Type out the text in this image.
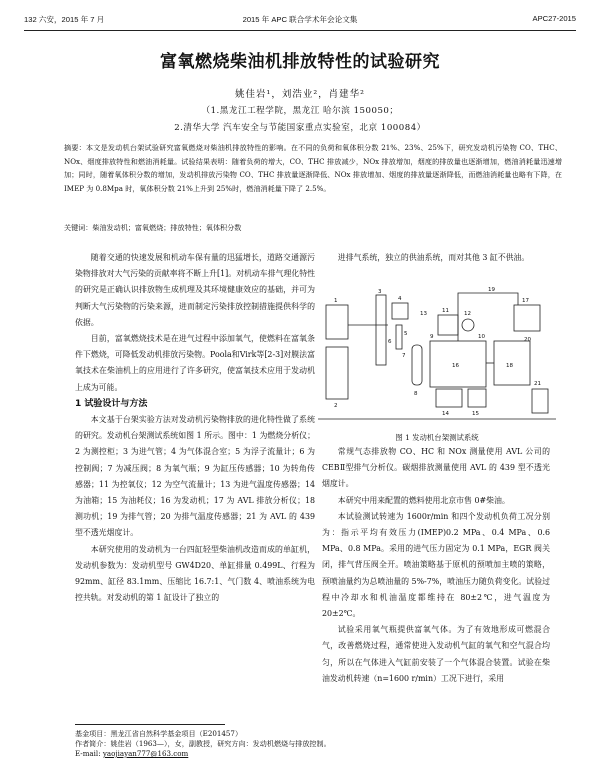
132 六安，2015 年 7 月	2015 年 APC 联合学术年会论文集	APC27-2015
富氧燃烧柴油机排放特性的试验研究
姚佳岩¹，刘浩业²，肖建华²
（1.黑龙江工程学院，黑龙江 哈尔滨 150050；
2.清华大学 汽车安全与节能国家重点实验室，北京 100084）
摘要：本文是发动机台架试验研究富氧燃烧对柴油机排放特性的影响。在不同的负荷和氧体积分数 21%、23%、25%下，研究发动机污染物 CO、THC、NOx、烟度排放特性和燃油消耗量。试验结果表明：随着负荷的增大，CO、THC 排放减少，NOx 排放增加，烟度的排放量也逐渐增加，燃油消耗量迅速增加；同时，随着氧体积分数的增加，发动机排放污染物 CO、THC 排放量逐渐降低、NOx 排放增加、烟度的排放量逐渐降低，而燃油消耗量也略有下降，在 IMEP 为 0.8Mpa 时，氧体积分数 21%上升到 25%时，燃油消耗量下降了 2.5%。
关键词：柴油发动机；富氧燃烧；排放特性；氧体积分数

随着交通的快速发展和机动车保有量的迅猛增长，道路交通源污染物排放对大气污染的贡献率将不断上升[1]。对机动车排气理化特性的研究是正确认识排放物生成机理及其环境健康效应的基础，并可为判断大气污染物的污染来源，进而制定污染排放控制措施提供科学的依据。

目前，富氧燃烧技术是在进气过程中添加氧气，使燃料在富氧条件下燃烧，可降低发动机排放污染物。Poola和Virk等[2-3]对膜法富氧技术在柴油机上的应用进行了许多研究，使富氧技术应用于发动机上成为可能。

1 试验设计与方法

本文基于台架实验方法对发动机污染物排放的进化特性做了系统的研究。发动机台架测试系统如图 1 所示。图中：1 为燃烧分析仪；2 为测控柜；3 为进气管；4 为气体混合室；5 为浮子流量计；6 为控制阀；7 为减压阀；8 为氧气瓶；9 为缸压传感器；10 为转角传感器；11 为控氧仪；12 为空气流量计；13 为进气温度传感器；14 为油箱；15 为油耗仪；16 为发动机；17 为 AVL 排放分析仪；18 测功机；19 为排气管；20 为排气温度传感器；21 为 AVL 的 439 型不透光烟度计。

本研究使用的发动机为一台四缸轻型柴油机改造而成的单缸机，发动机参数为：发动机型号 GW4D20、单缸排量 0.499L、行程为 92mm、缸径 83.1mm、压缩比 16.7:1、气门数 4、喷油系统为电控共轨。对发动机的第 1 缸设计了独立的

进排气系统，独立的供油系统，而对其他 3 缸不供油。

1
2
3
4
5
6
7
8
9	10
11	12
13
14	15
16
17
18
19
20
21
图 1 发动机台架测试系统

常规气态排放物 CO、HC 和 NOx 测量使用 AVL 公司的 CEBⅡ型排气分析仪。碳烟排放测量使用 AVL 的 439 型不透光烟度计。

本研究中用来配置的燃料使用北京市售 0#柴油。

本试验测试转速为 1600r/min 和四个发动机负荷工况分别为：指示平均有效压力(IMEP)0.2 MPa、0.4 MPa、0.6 MPa、0.8 MPa。采用的进气压力固定为 0.1 MPa，EGR 阀关闭，排气背压阀全开。喷油策略基于原机的预喷加主喷的策略，预喷油量约为总喷油量的 5%-7%，喷油压力随负荷变化。试验过程中冷却水和机油温度都维持在 80±2℃，进气温度为 20±2℃。

试验采用氧气瓶提供富氧气体。为了有效地形成可燃混合气，改善燃烧过程，通常使进入发动机气缸的氧气和空气混合均匀，所以在气体进入气缸前安装了一个气体混合装置。试验在柴油发动机转速（n=1600 r/min）工况下进行，采用

基金项目：黑龙江省自然科学基金项目（E201457）
作者简介：姚佳岩（1963—），女，副教授，研究方向：发动机燃烧与排放控制。
E-mail: yaojiayan777@163.com
